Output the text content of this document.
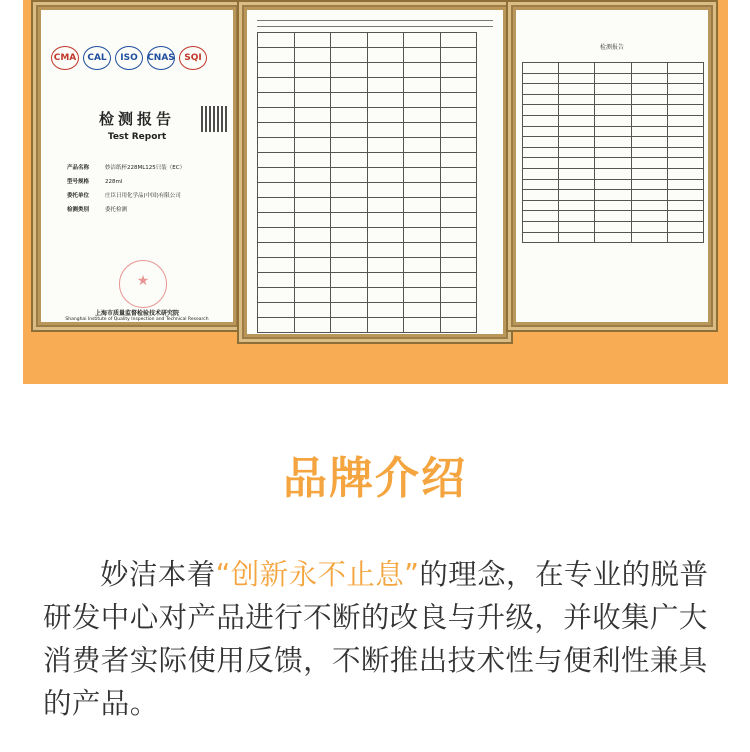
CMA	CAL	ISO	CNAS	SQI
检测报告
Test Report
产品名称	妙洁纸杯228ML125只装（EC）
型号规格	228ml
委托单位	庄臣日用化学品(中国)有限公司
检测类别	委托检测
★
上海市质量监督检验技术研究院
Shanghai Institute of Quality Inspection and Technical Research

检测报告

品牌介绍
妙洁本着“创新永不止息”的理念，在专业的脱普研发中心对产品进行不断的改良与升级，并收集广大消费者实际使用反馈，不断推出技术性与便利性兼具的产品。
